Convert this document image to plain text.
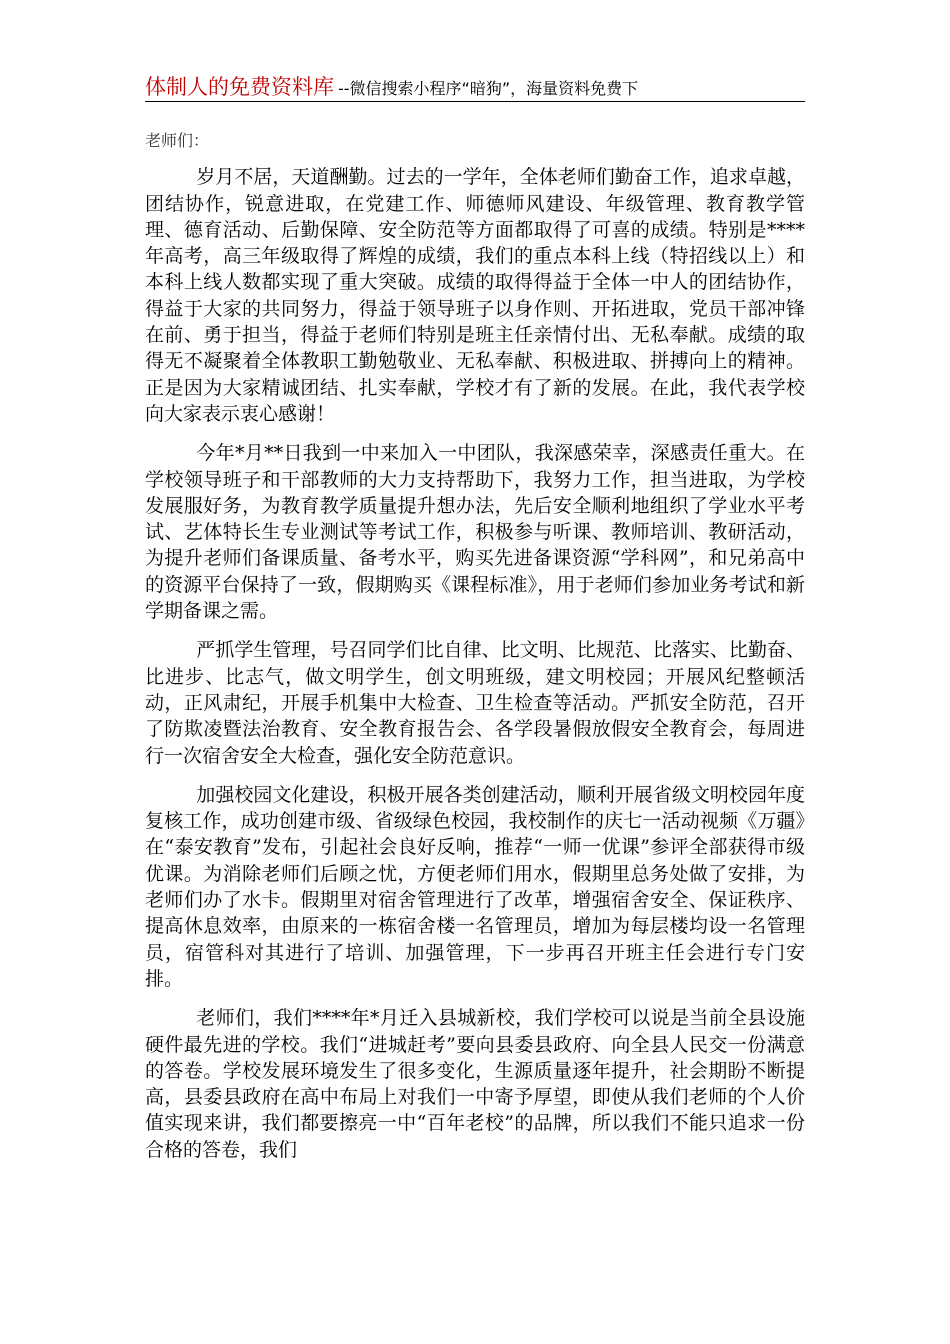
体制人的免费资料库 --微信搜索小程序“暗狗”，海量资料免费下

老师们：

岁月不居，天道酬勤。过去的一学年，全体老师们勤奋工作，追求卓越，团结协作，锐意进取，在党建工作、师德师风建设、年级管理、教育教学管理、德育活动、后勤保障、安全防范等方面都取得了可喜的成绩。特别是****年高考，高三年级取得了辉煌的成绩，我们的重点本科上线（特招线以上）和本科上线人数都实现了重大突破。成绩的取得得益于全体一中人的团结协作，得益于大家的共同努力，得益于领导班子以身作则、开拓进取，党员干部冲锋在前、勇于担当，得益于老师们特别是班主任亲情付出、无私奉献。成绩的取得无不凝聚着全体教职工勤勉敬业、无私奉献、积极进取、拼搏向上的精神。正是因为大家精诚团结、扎实奉献，学校才有了新的发展。在此，我代表学校向大家表示衷心感谢！

今年*月**日我到一中来加入一中团队，我深感荣幸，深感责任重大。在学校领导班子和干部教师的大力支持帮助下，我努力工作，担当进取，为学校发展服好务，为教育教学质量提升想办法，先后安全顺利地组织了学业水平考试、艺体特长生专业测试等考试工作，积极参与听课、教师培训、教研活动，为提升老师们备课质量、备考水平，购买先进备课资源“学科网”，和兄弟高中的资源平台保持了一致，假期购买《课程标准》，用于老师们参加业务考试和新学期备课之需。

严抓学生管理，号召同学们比自律、比文明、比规范、比落实、比勤奋、比进步、比志气，做文明学生，创文明班级，建文明校园；开展风纪整顿活动，正风肃纪，开展手机集中大检查、卫生检查等活动。严抓安全防范，召开了防欺凌暨法治教育、安全教育报告会、各学段暑假放假安全教育会，每周进行一次宿舍安全大检查，强化安全防范意识。

加强校园文化建设，积极开展各类创建活动，顺利开展省级文明校园年度复核工作，成功创建市级、省级绿色校园，我校制作的庆七一活动视频《万疆》在“泰安教育”发布，引起社会良好反响，推荐“一师一优课”参评全部获得市级优课。为消除老师们后顾之忧，方便老师们用水，假期里总务处做了安排，为老师们办了水卡。假期里对宿舍管理进行了改革，增强宿舍安全、保证秩序、提高休息效率，由原来的一栋宿舍楼一名管理员，增加为每层楼均设一名管理员，宿管科对其进行了培训、加强管理，下一步再召开班主任会进行专门安排。

老师们，我们****年*月迁入县城新校，我们学校可以说是当前全县设施硬件最先进的学校。我们“进城赶考”要向县委县政府、向全县人民交一份满意的答卷。学校发展环境发生了很多变化，生源质量逐年提升，社会期盼不断提高，县委县政府在高中布局上对我们一中寄予厚望，即使从我们老师的个人价值实现来讲，我们都要擦亮一中“百年老校”的品牌，所以我们不能只追求一份合格的答卷，我们
